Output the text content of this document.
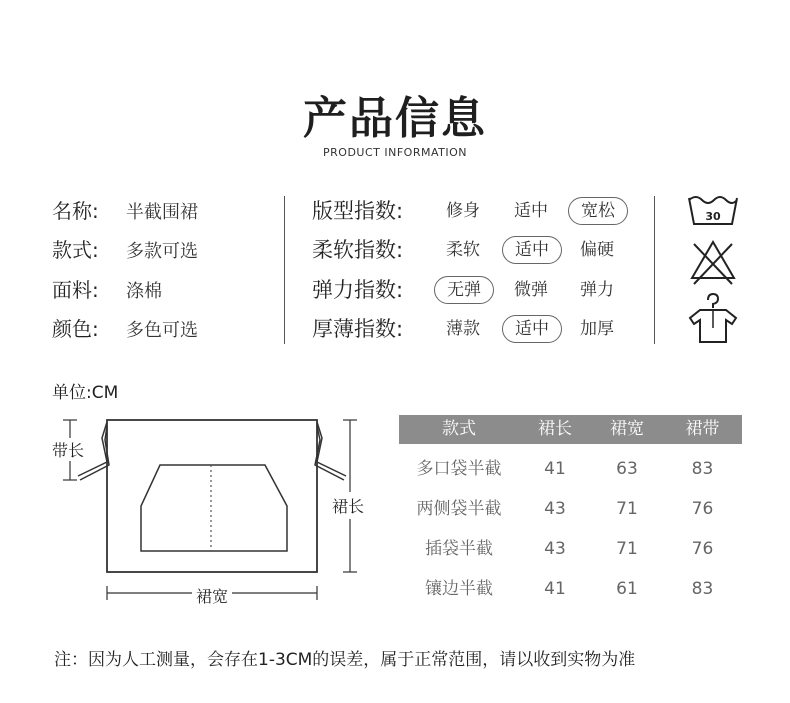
产品信息
PRODUCT INFORMATION
名称: 半截围裙
款式: 多款可选
面料: 涤棉
颜色: 多色可选
版型指数:	修身	适中	宽松
柔软指数:	柔软	适中	偏硬
弹力指数:	无弹	微弹	弹力
厚薄指数:	薄款	适中	加厚
30
单位:CM
带长
裙长
裙宽
款式	裙长	裙宽	裙带
多口袋半截	41	63	83
两侧袋半截	43	71	76
插袋半截	43	71	76
镶边半截	41	61	83
注：因为人工测量，会存在1-3CM的误差，属于正常范围，请以收到实物为准
